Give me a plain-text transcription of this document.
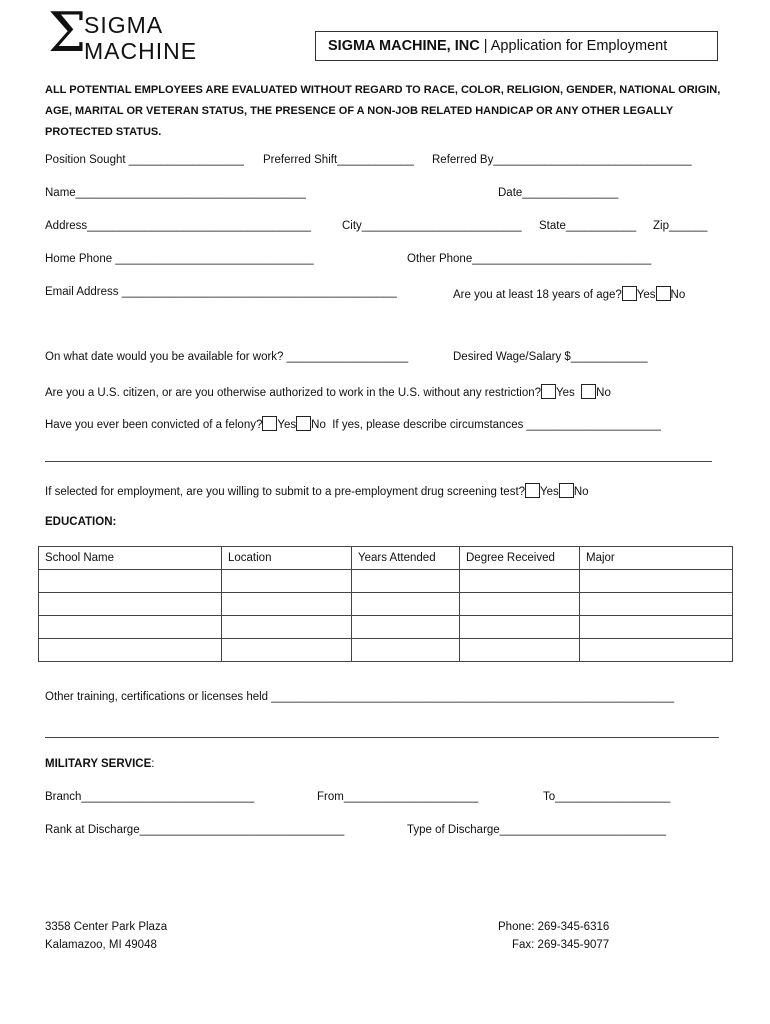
Σ
SIGMA
MACHINE	SIGMA MACHINE, INC | Application for Employment
ALL POTENTIAL EMPLOYEES ARE EVALUATED WITHOUT REGARD TO RACE, COLOR, RELIGION, GENDER, NATIONAL ORIGIN, AGE, MARITAL OR VETERAN STATUS, THE PRESENCE OF A NON-JOB RELATED HANDICAP OR ANY OTHER LEGALLY PROTECTED STATUS.
Position Sought __________________ Preferred Shift____________ Referred By_______________________________
Name____________________________________	Date_______________
Address___________________________________	City_________________________ State___________ Zip______
Home Phone _______________________________	Other Phone____________________________
Email Address ___________________________________________	Are you at least 18 years of age? Yes No
On what date would you be available for work? ___________________	Desired Wage/Salary $____________
Are you a U.S. citizen, or are you otherwise authorized to work in the U.S. without any restriction? Yes No
Have you ever been convicted of a felony? Yes No If yes, please describe circumstances _____________________
If selected for employment, are you willing to submit to a pre-employment drug screening test? Yes No
EDUCATION:
School Name	Location	Years Attended	Degree Received	Major

Other training, certifications or licenses held _______________________________________________________________
MILITARY SERVICE:
Branch___________________________	From_____________________	To__________________
Rank at Discharge________________________________	Type of Discharge__________________________
3358 Center Park Plaza
Kalamazoo, MI 49048
Phone: 269-345-6316
Fax: 269-345-9077
